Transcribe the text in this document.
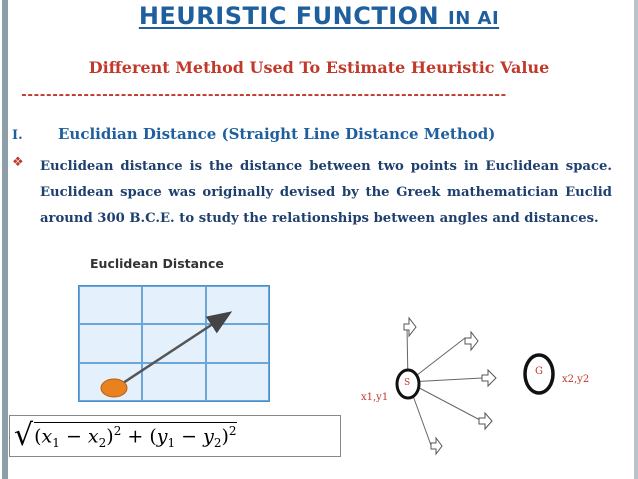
HEURISTIC FUNCTION IN AI
Different Method Used To Estimate Heuristic Value
------------------------------------------------------------------------------
I. Euclidian Distance (Straight Line Distance Method)
❖ Euclidean distance is the distance between two points in Euclidean space. Euclidean space was originally devised by the Greek mathematician Euclid around 300 B.C.E. to study the relationships between angles and distances.
Euclidean Distance
S
G
x1,y1
x2,y2
√ $(x_1 - x_2)^2 + (y_1 - y_2)^2$
